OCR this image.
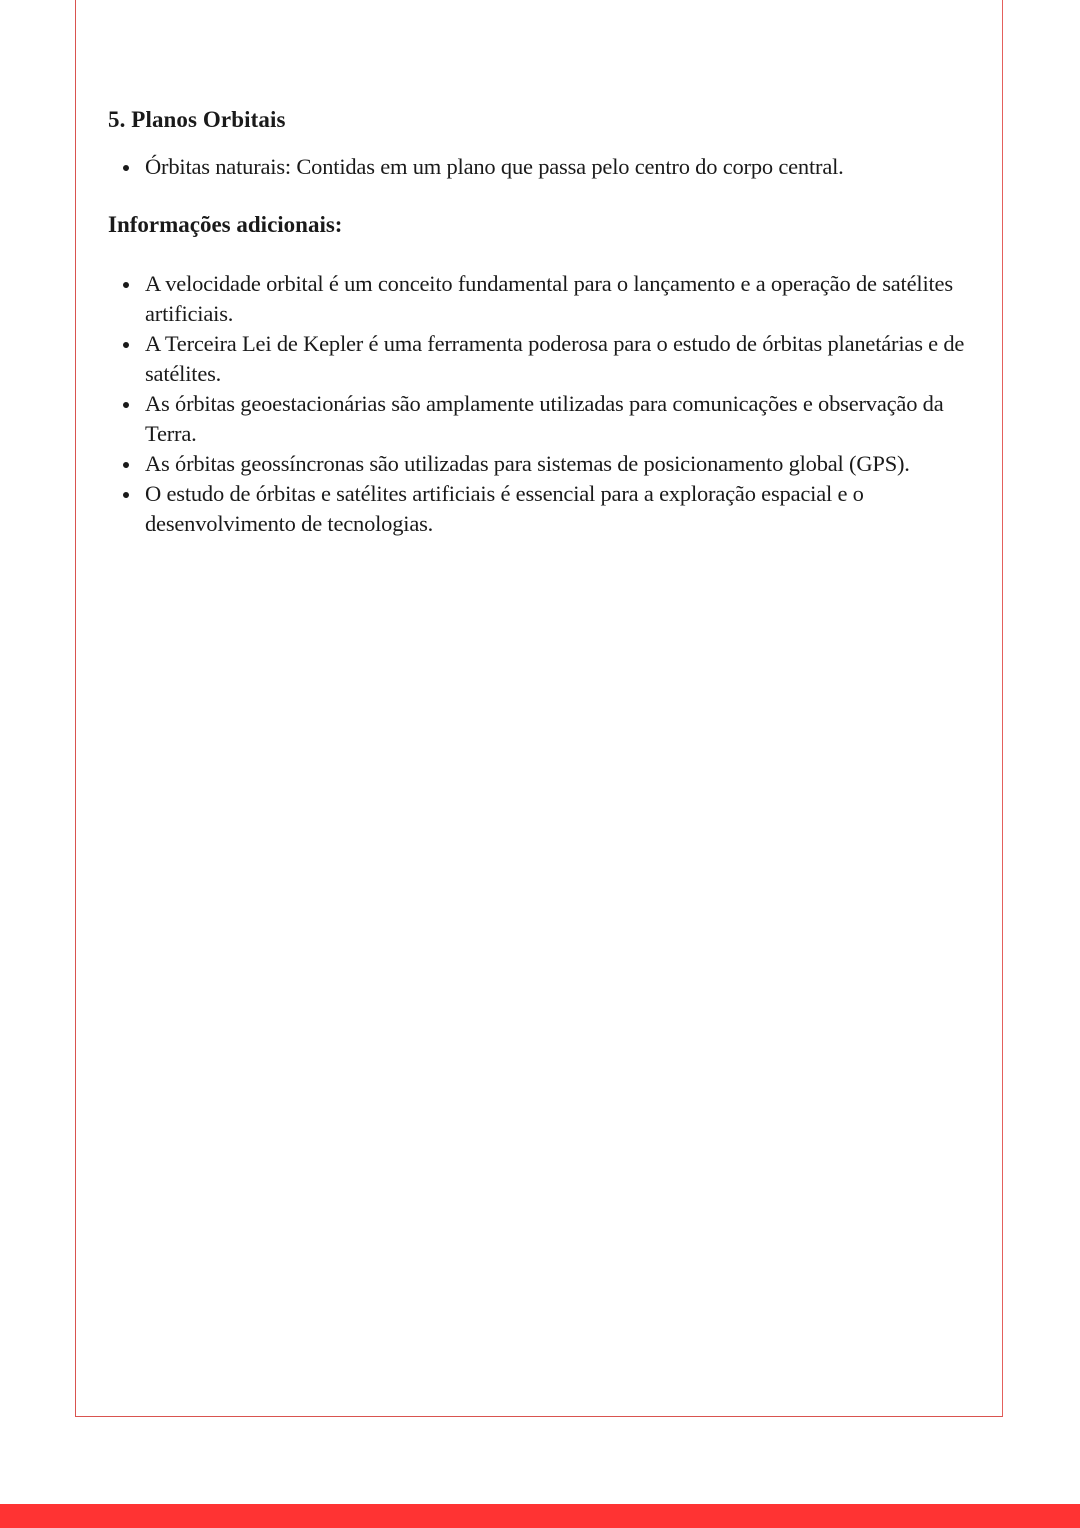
5. Planos Orbitais
Órbitas naturais: Contidas em um plano que passa pelo centro do corpo central.
Informações adicionais:
A velocidade orbital é um conceito fundamental para o lançamento e a operação de satélites artificiais.
A Terceira Lei de Kepler é uma ferramenta poderosa para o estudo de órbitas planetárias e de satélites.
As órbitas geoestacionárias são amplamente utilizadas para comunicações e observação da Terra.
As órbitas geossíncronas são utilizadas para sistemas de posicionamento global (GPS).
O estudo de órbitas e satélites artificiais é essencial para a exploração espacial e o desenvolvimento de tecnologias.
